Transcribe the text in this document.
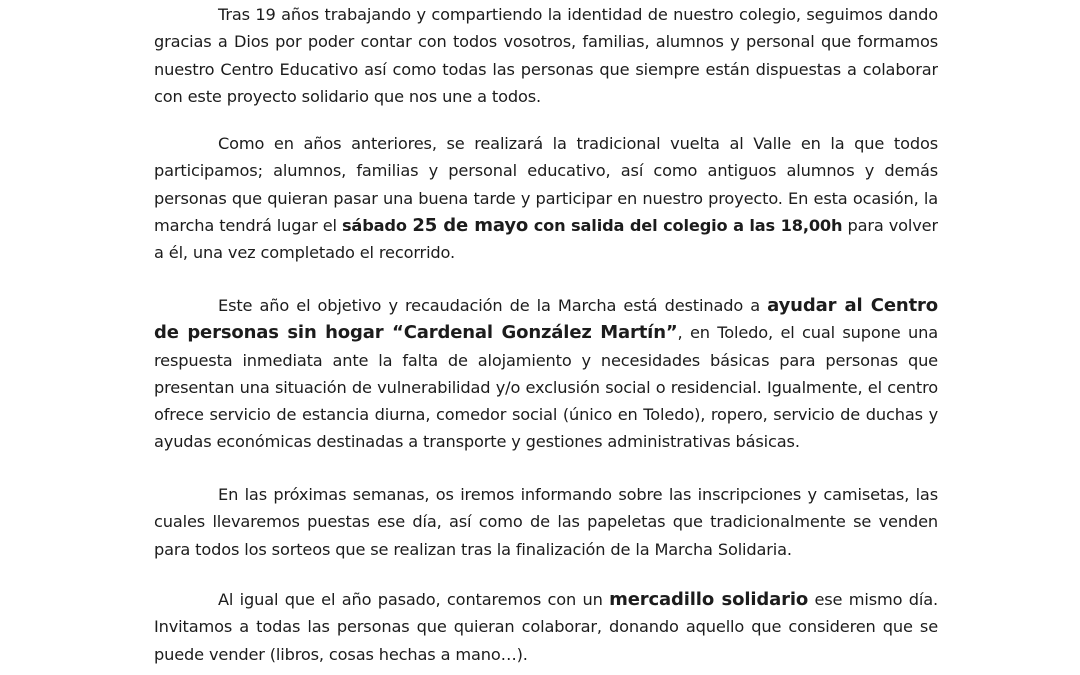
Tras 19 años trabajando y compartiendo la identidad de nuestro colegio, seguimos dando gracias a Dios por poder contar con todos vosotros, familias, alumnos y personal que formamos nuestro Centro Educativo así como todas las personas que siempre están dispuestas a colaborar con este proyecto solidario que nos une a todos.

Como en años anteriores, se realizará la tradicional vuelta al Valle en la que todos participamos; alumnos, familias y personal educativo, así como antiguos alumnos y demás personas que quieran pasar una buena tarde y participar en nuestro proyecto. En esta ocasión, la marcha tendrá lugar el sábado 25 de mayo con salida del colegio a las 18,00h para volver a él, una vez completado el recorrido.

Este año el objetivo y recaudación de la Marcha está destinado a ayudar al Centro de personas sin hogar “Cardenal González Martín”, en Toledo, el cual supone una respuesta inmediata ante la falta de alojamiento y necesidades básicas para personas que presentan una situación de vulnerabilidad y/o exclusión social o residencial. Igualmente, el centro ofrece servicio de estancia diurna, comedor social (único en Toledo), ropero, servicio de duchas y ayudas económicas destinadas a transporte y gestiones administrativas básicas.

En las próximas semanas, os iremos informando sobre las inscripciones y camisetas, las cuales llevaremos puestas ese día, así como de las papeletas que tradicionalmente se venden para todos los sorteos que se realizan tras la finalización de la Marcha Solidaria.

Al igual que el año pasado, contaremos con un mercadillo solidario ese mismo día. Invitamos a todas las personas que quieran colaborar, donando aquello que consideren que se puede vender (libros, cosas hechas a mano…).
